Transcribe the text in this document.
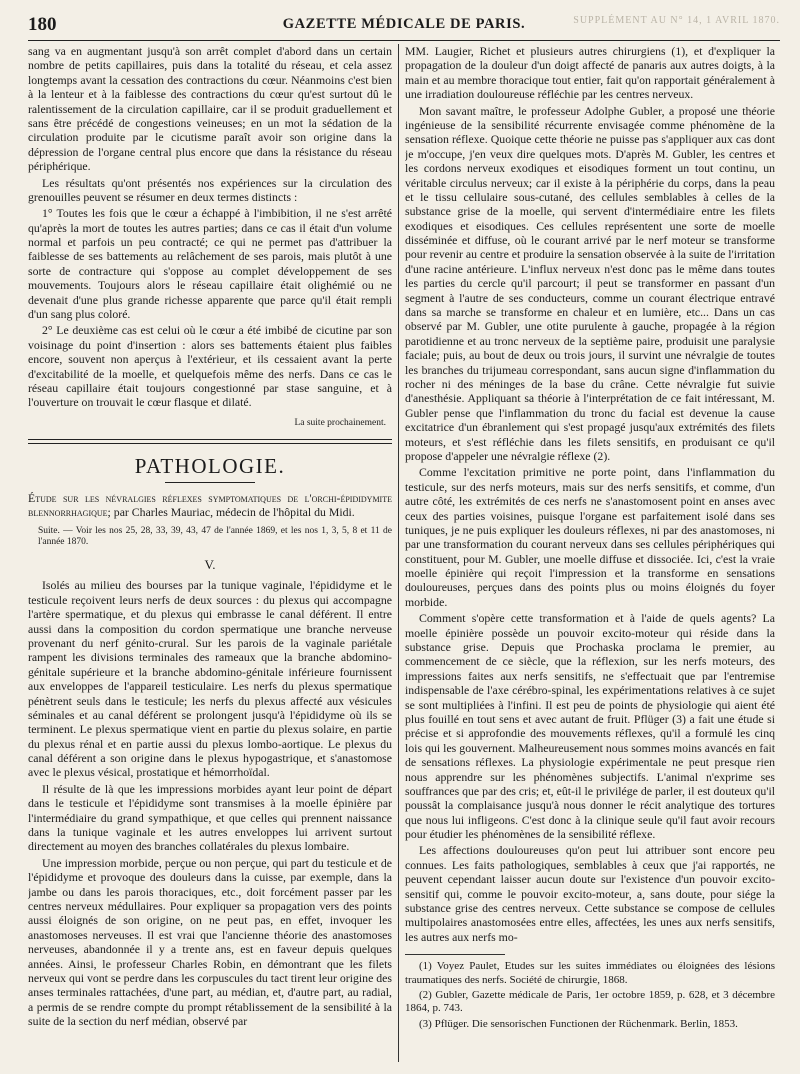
180	GAZETTE MÉDICALE DE PARIS.	SUPPLÉMENT AU N° 14, 1 AVRIL 1870.

sang va en augmentant jusqu'à son arrêt complet d'abord dans un certain nombre de petits capillaires, puis dans la totalité du réseau, et cela assez longtemps avant la cessation des contractions du cœur. Néanmoins c'est bien à la lenteur et à la faiblesse des contractions du cœur qu'est surtout dû le ralentissement de la circulation capillaire, car il se produit graduellement et sans être précédé de congestions veineuses; en un mot la sédation de la circulation produite par le cicutisme paraît avoir son origine dans la dépression de l'organe central plus encore que dans la résistance du réseau périphérique.

Les résultats qu'ont présentés nos expériences sur la circulation des grenouilles peuvent se résumer en deux termes distincts :

1° Toutes les fois que le cœur a échappé à l'imbibition, il ne s'est arrêté qu'après la mort de toutes les autres parties; dans ce cas il était d'un volume normal et parfois un peu contracté; ce qui ne permet pas d'attribuer la faiblesse de ses battements au relâchement de ses parois, mais plutôt à une sorte de contracture qui s'oppose au complet développement de ses mouvements. Toujours alors le réseau capillaire était olighémié ou ne devenait d'une plus grande richesse apparente que parce qu'il était rempli d'un sang plus coloré.

2° Le deuxième cas est celui où le cœur a été imbibé de cicutine par son voisinage du point d'insertion : alors ses battements étaient plus faibles encore, souvent non aperçus à l'extérieur, et ils cessaient avant la perte d'excitabilité de la moelle, et quelquefois même des nerfs. Dans ce cas le réseau capillaire était toujours congestionné par stase sanguine, et à l'ouverture on trouvait le cœur flasque et dilaté.

La suite prochainement.

PATHOLOGIE.

Étude sur les névralgies réflexes symptomatiques de l'orchi-épididymite blennorrhagique; par Charles Mauriac, médecin de l'hôpital du Midi.

Suite. — Voir les nos 25, 28, 33, 39, 43, 47 de l'année 1869, et les nos 1, 3, 5, 8 et 11 de l'année 1870.

V.

Isolés au milieu des bourses par la tunique vaginale, l'épididyme et le testicule reçoivent leurs nerfs de deux sources : du plexus qui accompagne l'artère spermatique, et du plexus qui embrasse le canal déférent. Il entre aussi dans la composition du cordon spermatique une branche nerveuse provenant du nerf génito-crural. Sur les parois de la vaginale pariétale rampent les divisions terminales des rameaux que la branche abdomino-génitale supérieure et la branche abdomino-génitale inférieure fournissent aux enveloppes de l'appareil testiculaire. Les nerfs du plexus spermatique pénètrent seuls dans le testicule; les nerfs du plexus affecté aux vésicules séminales et au canal déférent se prolongent jusqu'à l'épididyme où ils se terminent. Le plexus spermatique vient en partie du plexus solaire, en partie du plexus rénal et en partie aussi du plexus lombo-aortique. Le plexus du canal déférent a son origine dans le plexus hypogastrique, et s'anastomose avec le plexus vésical, prostatique et hémorrhoïdal.

Il résulte de là que les impressions morbides ayant leur point de départ dans le testicule et l'épididyme sont transmises à la moelle épinière par l'intermédiaire du grand sympathique, et que celles qui prennent naissance dans la tunique vaginale et les autres enveloppes lui arrivent surtout directement au moyen des branches collatérales du plexus lombaire.

Une impression morbide, perçue ou non perçue, qui part du testicule et de l'épididyme et provoque des douleurs dans la cuisse, par exemple, dans la jambe ou dans les parois thoraciques, etc., doit forcément passer par les centres nerveux médullaires. Pour expliquer sa propagation vers des points aussi éloignés de son origine, on ne peut pas, en effet, invoquer les anastomoses nerveuses. Il est vrai que l'ancienne théorie des anastomoses nerveuses, abandonnée il y a trente ans, est en faveur depuis quelques années. Ainsi, le professeur Charles Robin, en démontrant que les filets nerveux qui vont se perdre dans les corpuscules du tact tirent leur origine des anses terminales rattachées, d'une part, au médian, et, d'autre part, au radial, a permis de se rendre compte du prompt rétablissement de la sensibilité à la suite de la section du nerf médian, observé par

MM. Laugier, Richet et plusieurs autres chirurgiens (1), et d'expliquer la propagation de la douleur d'un doigt affecté de panaris aux autres doigts, à la main et au membre thoracique tout entier, fait qu'on rapportait généralement à une irradiation douloureuse réfléchie par les centres nerveux.

Mon savant maître, le professeur Adolphe Gubler, a proposé une théorie ingénieuse de la sensibilité récurrente envisagée comme phénomène de la sensation réflexe. Quoique cette théorie ne puisse pas s'appliquer aux cas dont je m'occupe, j'en veux dire quelques mots. D'après M. Gubler, les centres et les cordons nerveux exodiques et eisodiques forment un tout continu, un véritable circulus nerveux; car il existe à la périphérie du corps, dans la peau et le tissu cellulaire sous-cutané, des cellules semblables à celles de la substance grise de la moelle, qui servent d'intermédiaire entre les filets exodiques et eisodiques. Ces cellules représentent une sorte de moelle disséminée et diffuse, où le courant arrivé par le nerf moteur se transforme pour revenir au centre et produire la sensation observée à la suite de l'irritation d'une racine antérieure. L'influx nerveux n'est donc pas le même dans toutes les parties du cercle qu'il parcourt; il peut se transformer en passant d'un segment à l'autre de ses conducteurs, comme un courant électrique entravé dans sa marche se transforme en chaleur et en lumière, etc... Dans un cas observé par M. Gubler, une otite purulente à gauche, propagée à la région parotidienne et au tronc nerveux de la septième paire, produisit une paralysie faciale; puis, au bout de deux ou trois jours, il survint une névralgie de toutes les branches du trijumeau correspondant, sans aucun signe d'inflammation du rocher ni des méninges de la base du crâne. Cette névralgie fut suivie d'anesthésie. Appliquant sa théorie à l'interprétation de ce fait intéressant, M. Gubler pense que l'inflammation du tronc du facial est devenue la cause excitatrice d'un ébranlement qui s'est propagé jusqu'aux extrémités des filets moteurs, et s'est réfléchie dans les filets sensitifs, en produisant ce qu'il propose d'appeler une névralgie réflexe (2).

Comme l'excitation primitive ne porte point, dans l'inflammation du testicule, sur des nerfs moteurs, mais sur des nerfs sensitifs, et comme, d'un autre côté, les extrémités de ces nerfs ne s'anastomosent point en anses avec ceux des parties voisines, puisque l'organe est parfaitement isolé dans ses tuniques, je ne puis expliquer les douleurs réflexes, ni par des anastomoses, ni par une transformation du courant nerveux dans ses cellules périphériques qui constituent, pour M. Gubler, une moelle diffuse et dissociée. Ici, c'est la vraie moelle épinière qui reçoit l'impression et la transforme en sensations douloureuses, perçues dans des points plus ou moins éloignés du foyer morbide.

Comment s'opère cette transformation et à l'aide de quels agents? La moelle épinière possède un pouvoir excito-moteur qui réside dans la substance grise. Depuis que Prochaska proclama le premier, au commencement de ce siècle, que la réflexion, sur les nerfs moteurs, des impressions faites aux nerfs sensitifs, ne s'effectuait que par l'entremise indispensable de l'axe cérébro-spinal, les expérimentations relatives à ce sujet se sont multipliées à l'infini. Il est peu de points de physiologie qui aient été plus fouillé en tout sens et avec autant de fruit. Pflüger (3) a fait une étude si précise et si approfondie des mouvements réflexes, qu'il a formulé les cinq lois qui les gouvernent. Malheureusement nous sommes moins avancés en fait de sensations réflexes. La physiologie expérimentale ne peut presque rien nous apprendre sur les phénomènes subjectifs. L'animal n'exprime ses souffrances que par des cris; et, eût-il le privilége de parler, il est douteux qu'il poussât la complaisance jusqu'à nous donner le récit analytique des tortures que nous lui infligeons. C'est donc à la clinique seule qu'il faut avoir recours pour étudier les phénomènes de la sensibilité réflexe.

Les affections douloureuses qu'on peut lui attribuer sont encore peu connues. Les faits pathologiques, semblables à ceux que j'ai rapportés, ne peuvent cependant laisser aucun doute sur l'existence d'un pouvoir excito-sensitif qui, comme le pouvoir excito-moteur, a, sans doute, pour siége la substance grise des centres nerveux. Cette substance se compose de cellules multipolaires anastomosées entre elles, affectées, les unes aux nerfs sensitifs, les autres aux nerfs mo-

(1) Voyez Paulet, Etudes sur les suites immédiates ou éloignées des lésions traumatiques des nerfs. Société de chirurgie, 1868.

(2) Gubler, Gazette médicale de Paris, 1er octobre 1859, p. 628, et 3 décembre 1864, p. 743.

(3) Pflüger. Die sensorischen Functionen der Rüchenmark. Berlin, 1853.
